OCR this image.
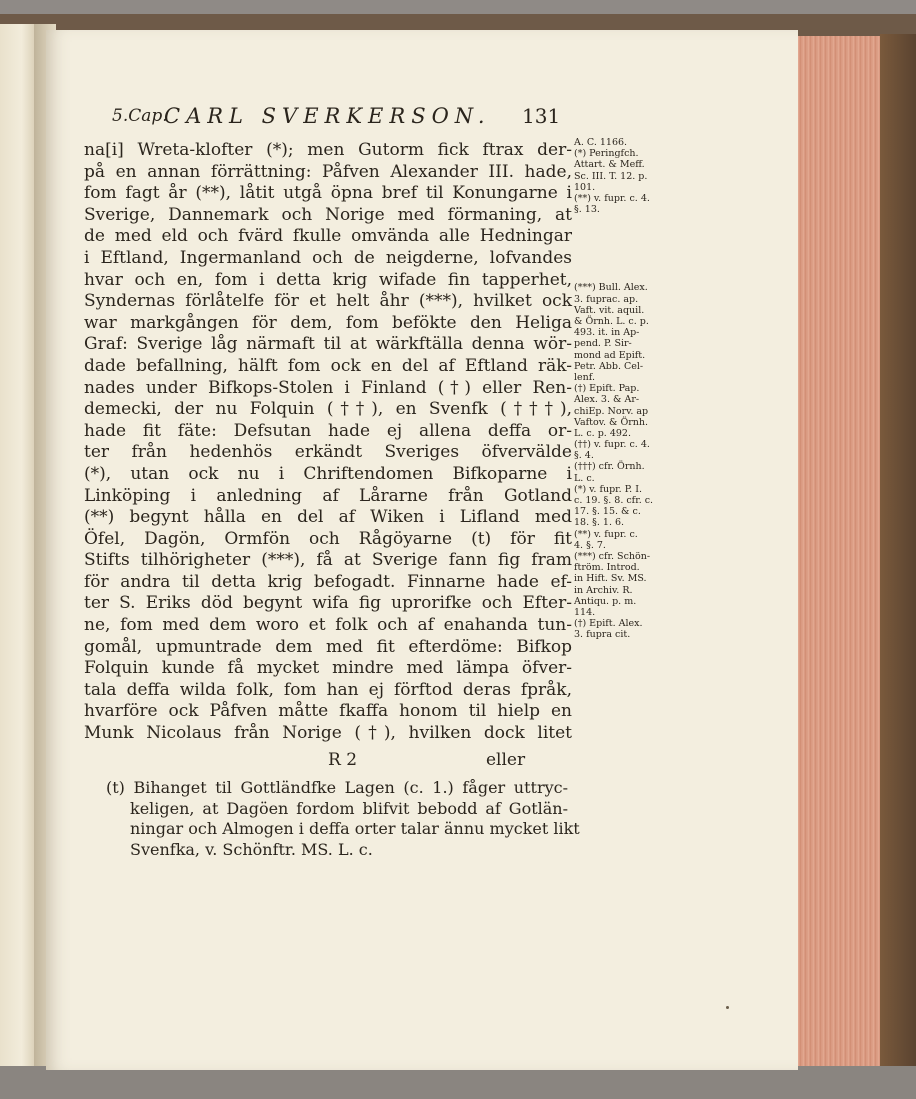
5.Cap.
CARL SVERKERSON. 131
na[i] Wreta-klofter (*); men Gutorm fick ftrax der-
på en annan förrättning: Påfven Alexander III. hade,
fom fagt år (**), låtit utgå öpna bref til Konungarne i
Sverige, Dannemark och Norige med förmaning, at
de med eld och fvärd fkulle omvända alle Hedningar
i Eftland, Ingermanland och de neigderne, lofvandes
hvar och en, fom i detta krig wifade fin tapperhet,
Syndernas förlåtelfe för et helt åhr (***), hvilket ock
war markgången för dem, fom befökte den Heliga
Graf: Sverige låg närmaft til at wärkftälla denna wör-
dade befallning, hälft fom ock en del af Eftland räk-
nades under Bifkops-Stolen i Finland (†) eller Ren-
demecki, der nu Folquin (††), en Svenfk (†††),
hade fit fäte: Defsutan hade ej allena deffa or-
ter från hedenhös erkändt Sveriges öfvervälde
(*), utan ock nu i Chriftendomen Bifkoparne i
Linköping i anledning af Lårarne från Gotland
(**) begynt hålla en del af Wiken i Lifland med
Öfel, Dagön, Ormfön och Rågöyarne (t) för fit
Stifts tilhörigheter (***), få at Sverige fann fig fram
för andra til detta krig befogadt. Finnarne hade ef-
ter S. Eriks död begynt wifa fig uprorifke och Efter-
ne, fom med dem woro et folk och af enahanda tun-
gomål, upmuntrade dem med fit efterdöme: Bifkop
Folquin kunde få mycket mindre med lämpa öfver-
tala deffa wilda folk, fom han ej förftod deras fpråk,
hvarföre ock Påfven måtte fkaffa honom til hielp en
Munk Nicolaus från Norige (†), hvilken dock litet
R 2	eller
A. C. 1166.
(*) Peringfch.
Attart. & Meff.
Sc. III. T. 12. p.
101.
(**) v. fupr. c. 4.
§. 13.
(***) Bull. Alex.
3. fuprac. ap.
Vaft. vit. aquil.
& Örnh. L. c. p.
493. it. in Ap-
pend. P. Sir-
mond ad Epift.
Petr. Abb. Cel-
lenf.
(†) Epift. Pap.
Alex. 3. & Ar-
chiEp. Norv. ap
Vaftov. & Örnh.
L. c. p. 492.
(††) v. fupr. c. 4.
§. 4.
(†††) cfr. Örnh.
L. c.
(*) v. fupr. P. I.
c. 19. §. 8. cfr. c.
17. §. 15. & c.
18. §. 1. 6.
(**) v. fupr. c.
4. §. 7.
(***) cfr. Schön-
ftröm. Introd.
in Hift. Sv. MS.
in Archiv. R.
Antiqu. p. m.
114.
(†) Epift. Alex.
3. fupra cit.
(t) Bihanget til Gottländfke Lagen (c. 1.) fåger uttryc-
keligen, at Dagöen fordom blifvit bebodd af Gotlän-
ningar och Almogen i deffa orter talar ännu mycket likt
Svenfka, v. Schönftr. MS. L. c.
